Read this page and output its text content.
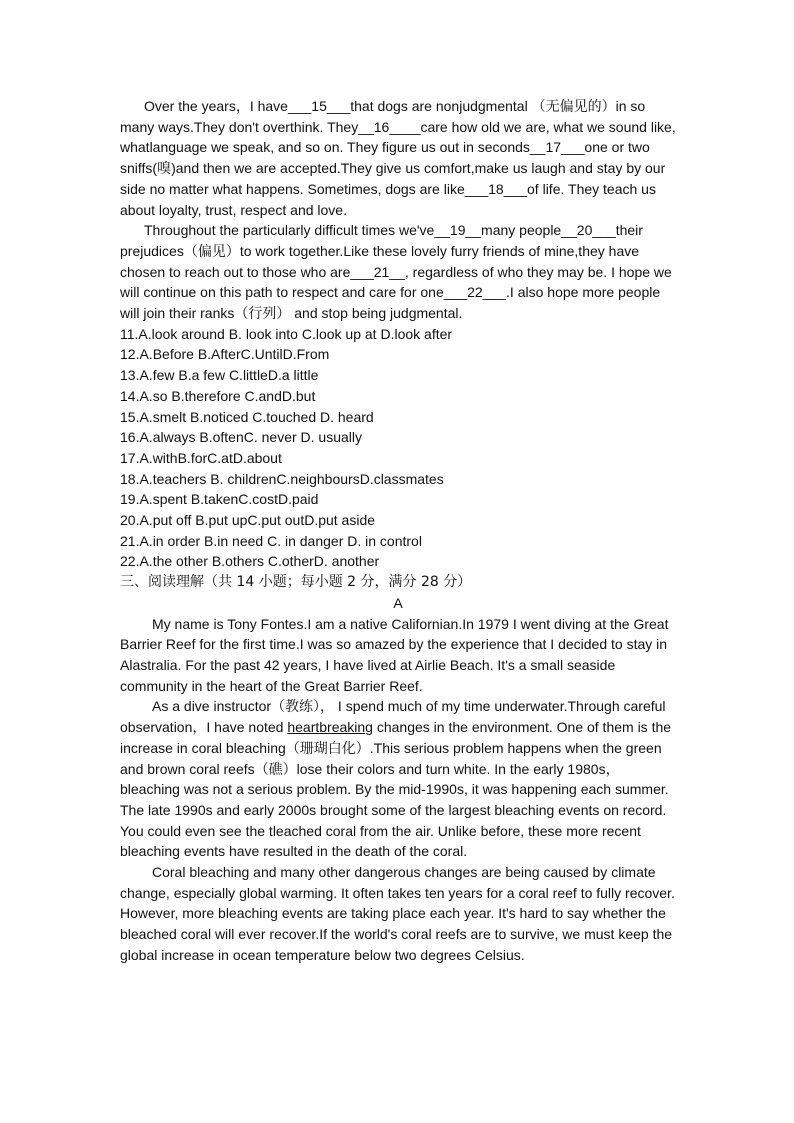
Over the years，I have___15___that dogs are nonjudgmental （无偏见的）in so many ways.They don't overthink. They__16____care how old we are, what we sound like, whatlanguage we speak, and so on. They figure us out in seconds__17___one or two sniffs(嗅)and then we are accepted.They give us comfort,make us laugh and stay by our side no matter what happens. Sometimes, dogs are like___18___of life. They teach us about loyalty, trust, respect and love.

Throughout the particularly difficult times we've__19__many people__20___their prejudices（偏见）to work together.Like these lovely furry friends of mine,they have chosen to reach out to those who are___21__, regardless of who they may be. I hope we will continue on this path to respect and care for one___22___.I also hope more people will join their ranks（行列） and stop being judgmental.

11.A.look around B. look into C.look up at D.look after
12.A.Before B.AfterC.UntilD.From
13.A.few B.a few C.littleD.a little
14.A.so B.therefore C.andD.but
15.A.smelt B.noticed C.touched D. heard
16.A.always B.oftenC. never D. usually
17.A.withB.forC.atD.about
18.A.teachers B. childrenC.neighboursD.classmates
19.A.spent B.takenC.costD.paid
20.A.put off B.put upC.put outD.put aside
21.A.in order B.in need C. in danger D. in control
22.A.the other B.others C.otherD. another
三、阅读理解（共 14 小题；每小题 2 分，满分 28 分）
A

My name is Tony Fontes.I am a native Californian.In 1979 I went diving at the Great Barrier Reef for the first time.I was so amazed by the experience that I decided to stay in Alastralia. For the past 42 years, I have lived at Airlie Beach. It's a small seaside community in the heart of the Great Barrier Reef.

As a dive instructor（教练）， I spend much of my time underwater.Through careful observation，I have noted heartbreaking changes in the environment. One of them is the increase in coral bleaching（珊瑚白化）.This serious problem happens when the green and brown coral reefs（礁）lose their colors and turn white. In the early 1980s， bleaching was not a serious problem. By the mid-1990s, it was happening each summer. The late 1990s and early 2000s brought some of the largest bleaching events on record. You could even see the tleached coral from the air. Unlike before, these more recent bleaching events have resulted in the death of the coral.

Coral bleaching and many other dangerous changes are being caused by climate change, especially global warming. It often takes ten years for a coral reef to fully recover. However, more bleaching events are taking place each year. It's hard to say whether the bleached coral will ever recover.If the world's coral reefs are to survive, we must keep the global increase in ocean temperature below two degrees Celsius.
